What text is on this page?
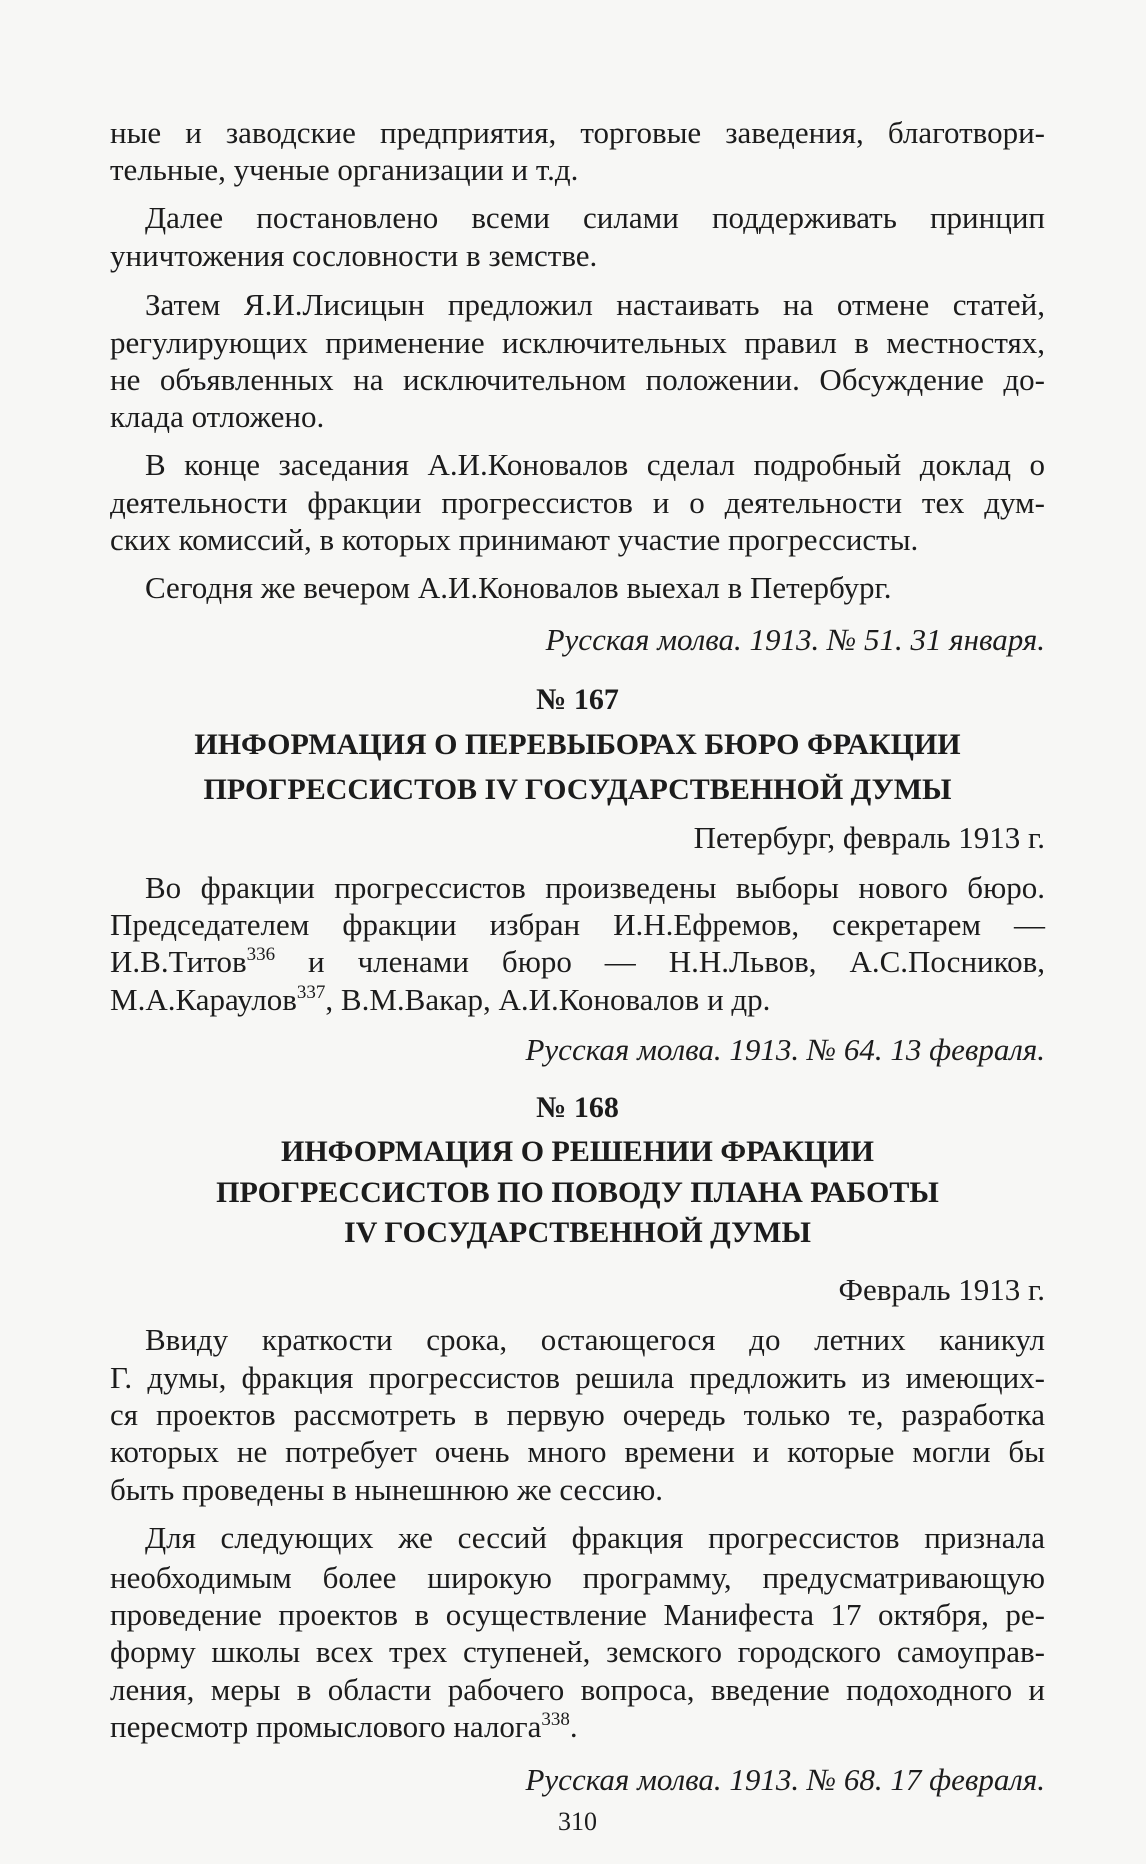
ные и заводские предприятия, торговые заведения, благотвори-
тельные, ученые организации и т.д.
Далее постановлено всеми силами поддерживать принцип
уничтожения сословности в земстве.
Затем Я.И.Лисицын предложил настаивать на отмене статей,
регулирующих применение исключительных правил в местностях,
не объявленных на исключительном положении. Обсуждение до-
клада отложено.
В конце заседания А.И.Коновалов сделал подробный доклад о
деятельности фракции прогрессистов и о деятельности тех дум-
ских комиссий, в которых принимают участие прогрессисты.
Сегодня же вечером А.И.Коновалов выехал в Петербург.
Русская молва. 1913. № 51. 31 января.
№ 167
ИНФОРМАЦИЯ О ПЕРЕВЫБОРАХ БЮРО ФРАКЦИИ
ПРОГРЕССИСТОВ IV ГОСУДАРСТВЕННОЙ ДУМЫ
Петербург, февраль 1913 г.
Во фракции прогрессистов произведены выборы нового бюро.
Председателем фракции избран И.Н.Ефремов, секретарем —
И.В.Титов$^{336}$ и членами бюро — Н.Н.Львов, А.С.Посников,
М.А.Караулов$^{337}$, В.М.Вакар, А.И.Коновалов и др.
Русская молва. 1913. № 64. 13 февраля.
№ 168
ИНФОРМАЦИЯ О РЕШЕНИИ ФРАКЦИИ
ПРОГРЕССИСТОВ ПО ПОВОДУ ПЛАНА РАБОТЫ
IV ГОСУДАРСТВЕННОЙ ДУМЫ
Февраль 1913 г.
Ввиду краткости срока, остающегося до летних каникул
Г. думы, фракция прогрессистов решила предложить из имеющих-
ся проектов рассмотреть в первую очередь только те, разработка
которых не потребует очень много времени и которые могли бы
быть проведены в нынешнюю же сессию.
Для следующих же сессий фракция прогрессистов признала
необходимым более широкую программу, предусматривающую
проведение проектов в осуществление Манифеста 17 октября, ре-
форму школы всех трех ступеней, земского городского самоуправ-
ления, меры в области рабочего вопроса, введение подоходного и
пересмотр промыслового налога$^{338}$.
Русская молва. 1913. № 68. 17 февраля.
310
